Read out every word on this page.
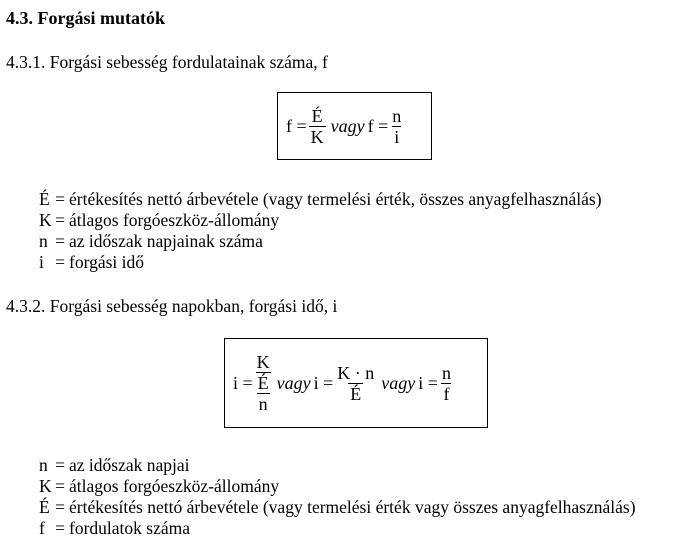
4.3. Forgási mutatók
4.3.1. Forgási sebesség fordulatainak száma, f
$f = \frac{É}{K}$ vagy $f = \frac{n}{i}$
É = értékesítés nettó árbevétele (vagy termelési érték, összes anyagfelhasználás)
K = átlagos forgóeszköz-állomány
n = az időszak napjainak száma
i = forgási idő
4.3.2. Forgási sebesség napokban, forgási idő, i
$i = \frac{K}{\frac{É}{n}}$ vagy $i = \frac{K \cdot n}{É}$ vagy $i = \frac{n}{f}$
n = az időszak napjai
K = átlagos forgóeszköz-állomány
É = értékesítés nettó árbevétele (vagy termelési érték vagy összes anyagfelhasználás)
f = fordulatok száma
